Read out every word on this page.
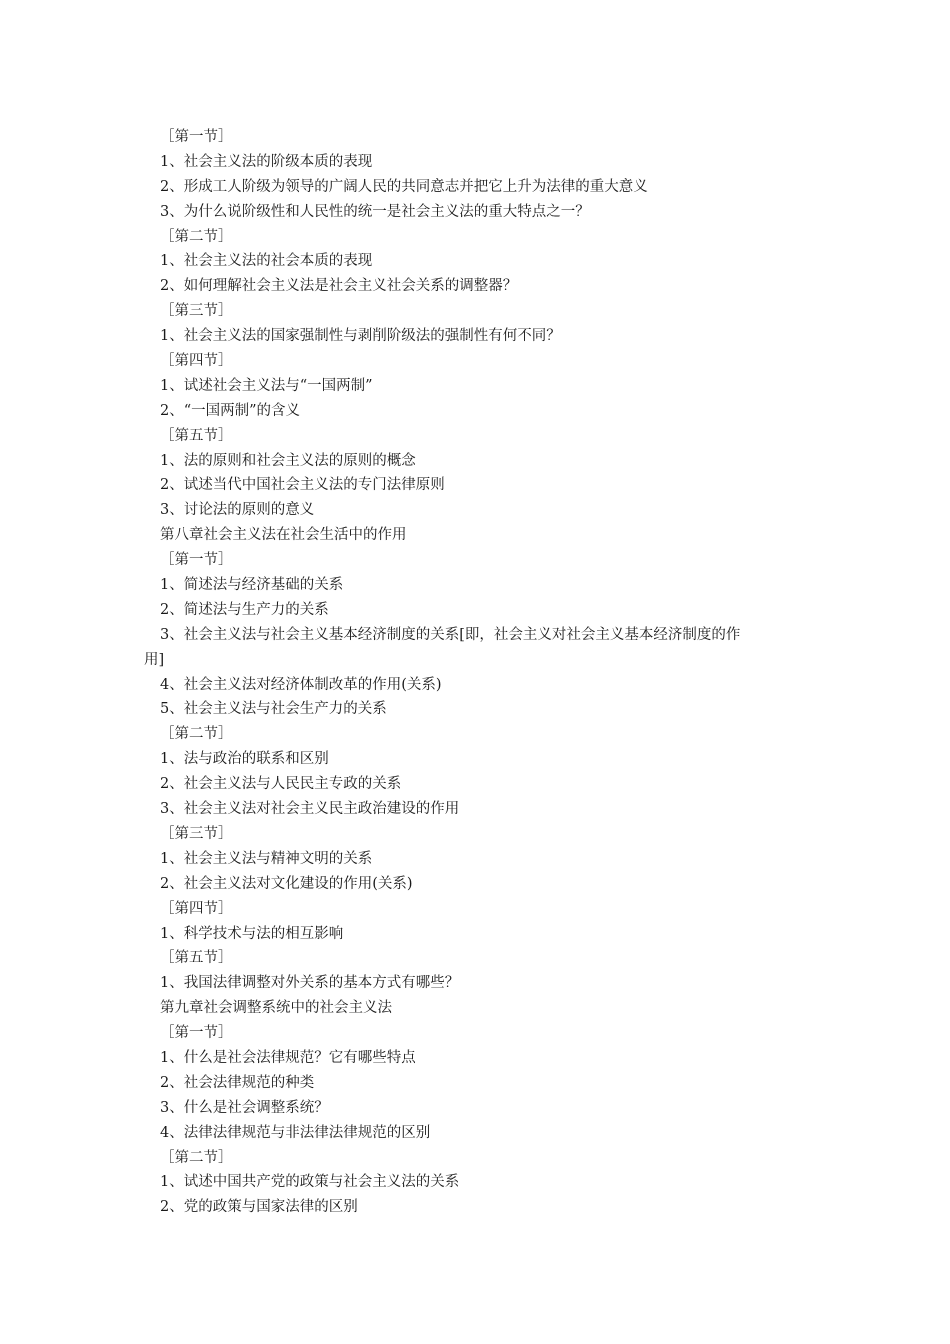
［第一节］
1、社会主义法的阶级本质的表现
2、形成工人阶级为领导的广阔人民的共同意志并把它上升为法律的重大意义
3、为什么说阶级性和人民性的统一是社会主义法的重大特点之一？
［第二节］
1、社会主义法的社会本质的表现
2、如何理解社会主义法是社会主义社会关系的调整器？
［第三节］
1、社会主义法的国家强制性与剥削阶级法的强制性有何不同？
［第四节］
1、试述社会主义法与“一国两制”
2、“一国两制”的含义
［第五节］
1、法的原则和社会主义法的原则的概念
2、试述当代中国社会主义法的专门法律原则
3、讨论法的原则的意义
第八章社会主义法在社会生活中的作用
［第一节］
1、简述法与经济基础的关系
2、简述法与生产力的关系
3、社会主义法与社会主义基本经济制度的关系[即，社会主义对社会主义基本经济制度的作
用]
4、社会主义法对经济体制改革的作用(关系)
5、社会主义法与社会生产力的关系
［第二节］
1、法与政治的联系和区别
2、社会主义法与人民民主专政的关系
3、社会主义法对社会主义民主政治建设的作用
［第三节］
1、社会主义法与精神文明的关系
2、社会主义法对文化建设的作用(关系)
［第四节］
1、科学技术与法的相互影响
［第五节］
1、我国法律调整对外关系的基本方式有哪些？
第九章社会调整系统中的社会主义法
［第一节］
1、什么是社会法律规范？它有哪些特点
2、社会法律规范的种类
3、什么是社会调整系统？
4、法律法律规范与非法律法律规范的区别
［第二节］
1、试述中国共产党的政策与社会主义法的关系
2、党的政策与国家法律的区别
